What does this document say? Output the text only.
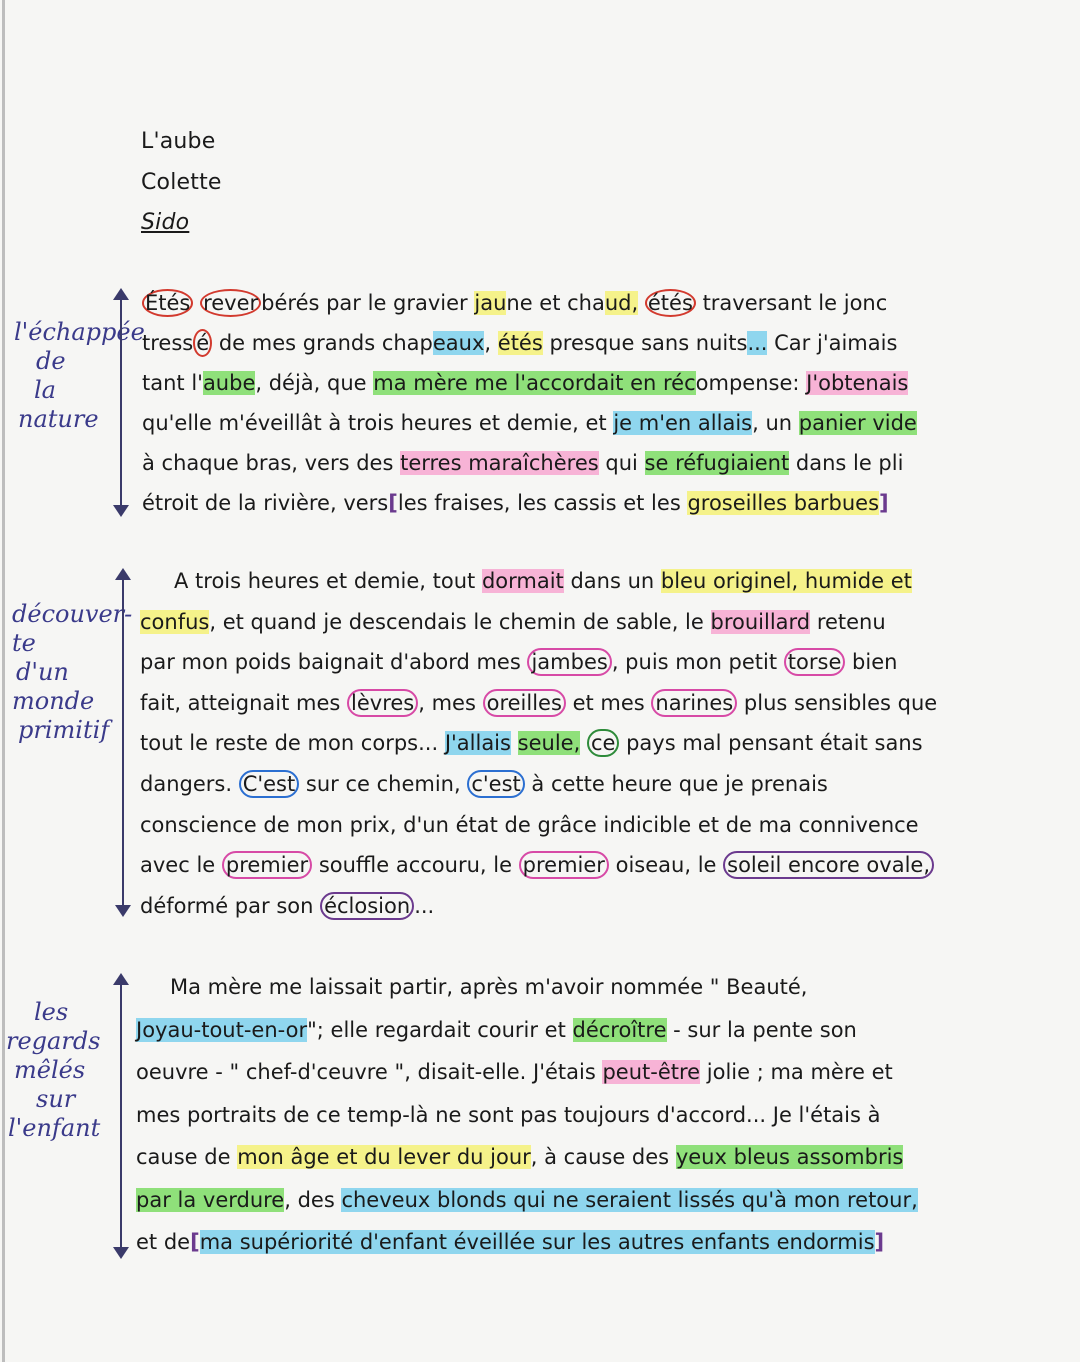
L'aube
Colette
Sido
l'échappée
de
la
nature
découver-
te
d'un
monde
primitif
les
regards
mêlés
sur
l'enfant
Étés rever bérés par le gravier jaune et chaud, étés traversant le jonc
tress é de mes grands chapeaux, étés presque sans nuits... Car j'aimais
tant l'aube, déjà, que ma mère me l'accordait en récompense: J'obtenais
qu'elle m'éveillât à trois heures et demie, et je m'en allais, un panier vide
à chaque bras, vers des terres maraîchères qui se réfugiaient dans le pli
étroit de la rivière, vers[les fraises, les cassis et les groseilles barbues]
A trois heures et demie, tout dormait dans un bleu originel, humide et
confus, et quand je descendais le chemin de sable, le brouillard retenu
par mon poids baignait d'abord mes jambes , puis mon petit torse bien
fait, atteignait mes lèvres , mes oreilles et mes narines plus sensibles que
tout le reste de mon corps... J'allais seule, ce pays mal pensant était sans
dangers. C'est sur ce chemin, c'est à cette heure que je prenais
conscience de mon prix, d'un état de grâce indicible et de ma connivence
avec le premier souffle accouru, le premier oiseau, le soleil encore ovale,
déformé par son éclosion ...
Ma mère me laissait partir, après m'avoir nommée " Beauté,
Joyau-tout-en-or"; elle regardait courir et décroître - sur la pente son
oeuvre - " chef-d'ceuvre ", disait-elle. J'étais peut-être jolie ; ma mère et
mes portraits de ce temp-là ne sont pas toujours d'accord... Je l'étais à
cause de mon âge et du lever du jour, à cause des yeux bleus assombris
par la verdure, des cheveux blonds qui ne seraient lissés qu'à mon retour,
et de[ma supériorité d'enfant éveillée sur les autres enfants endormis]
